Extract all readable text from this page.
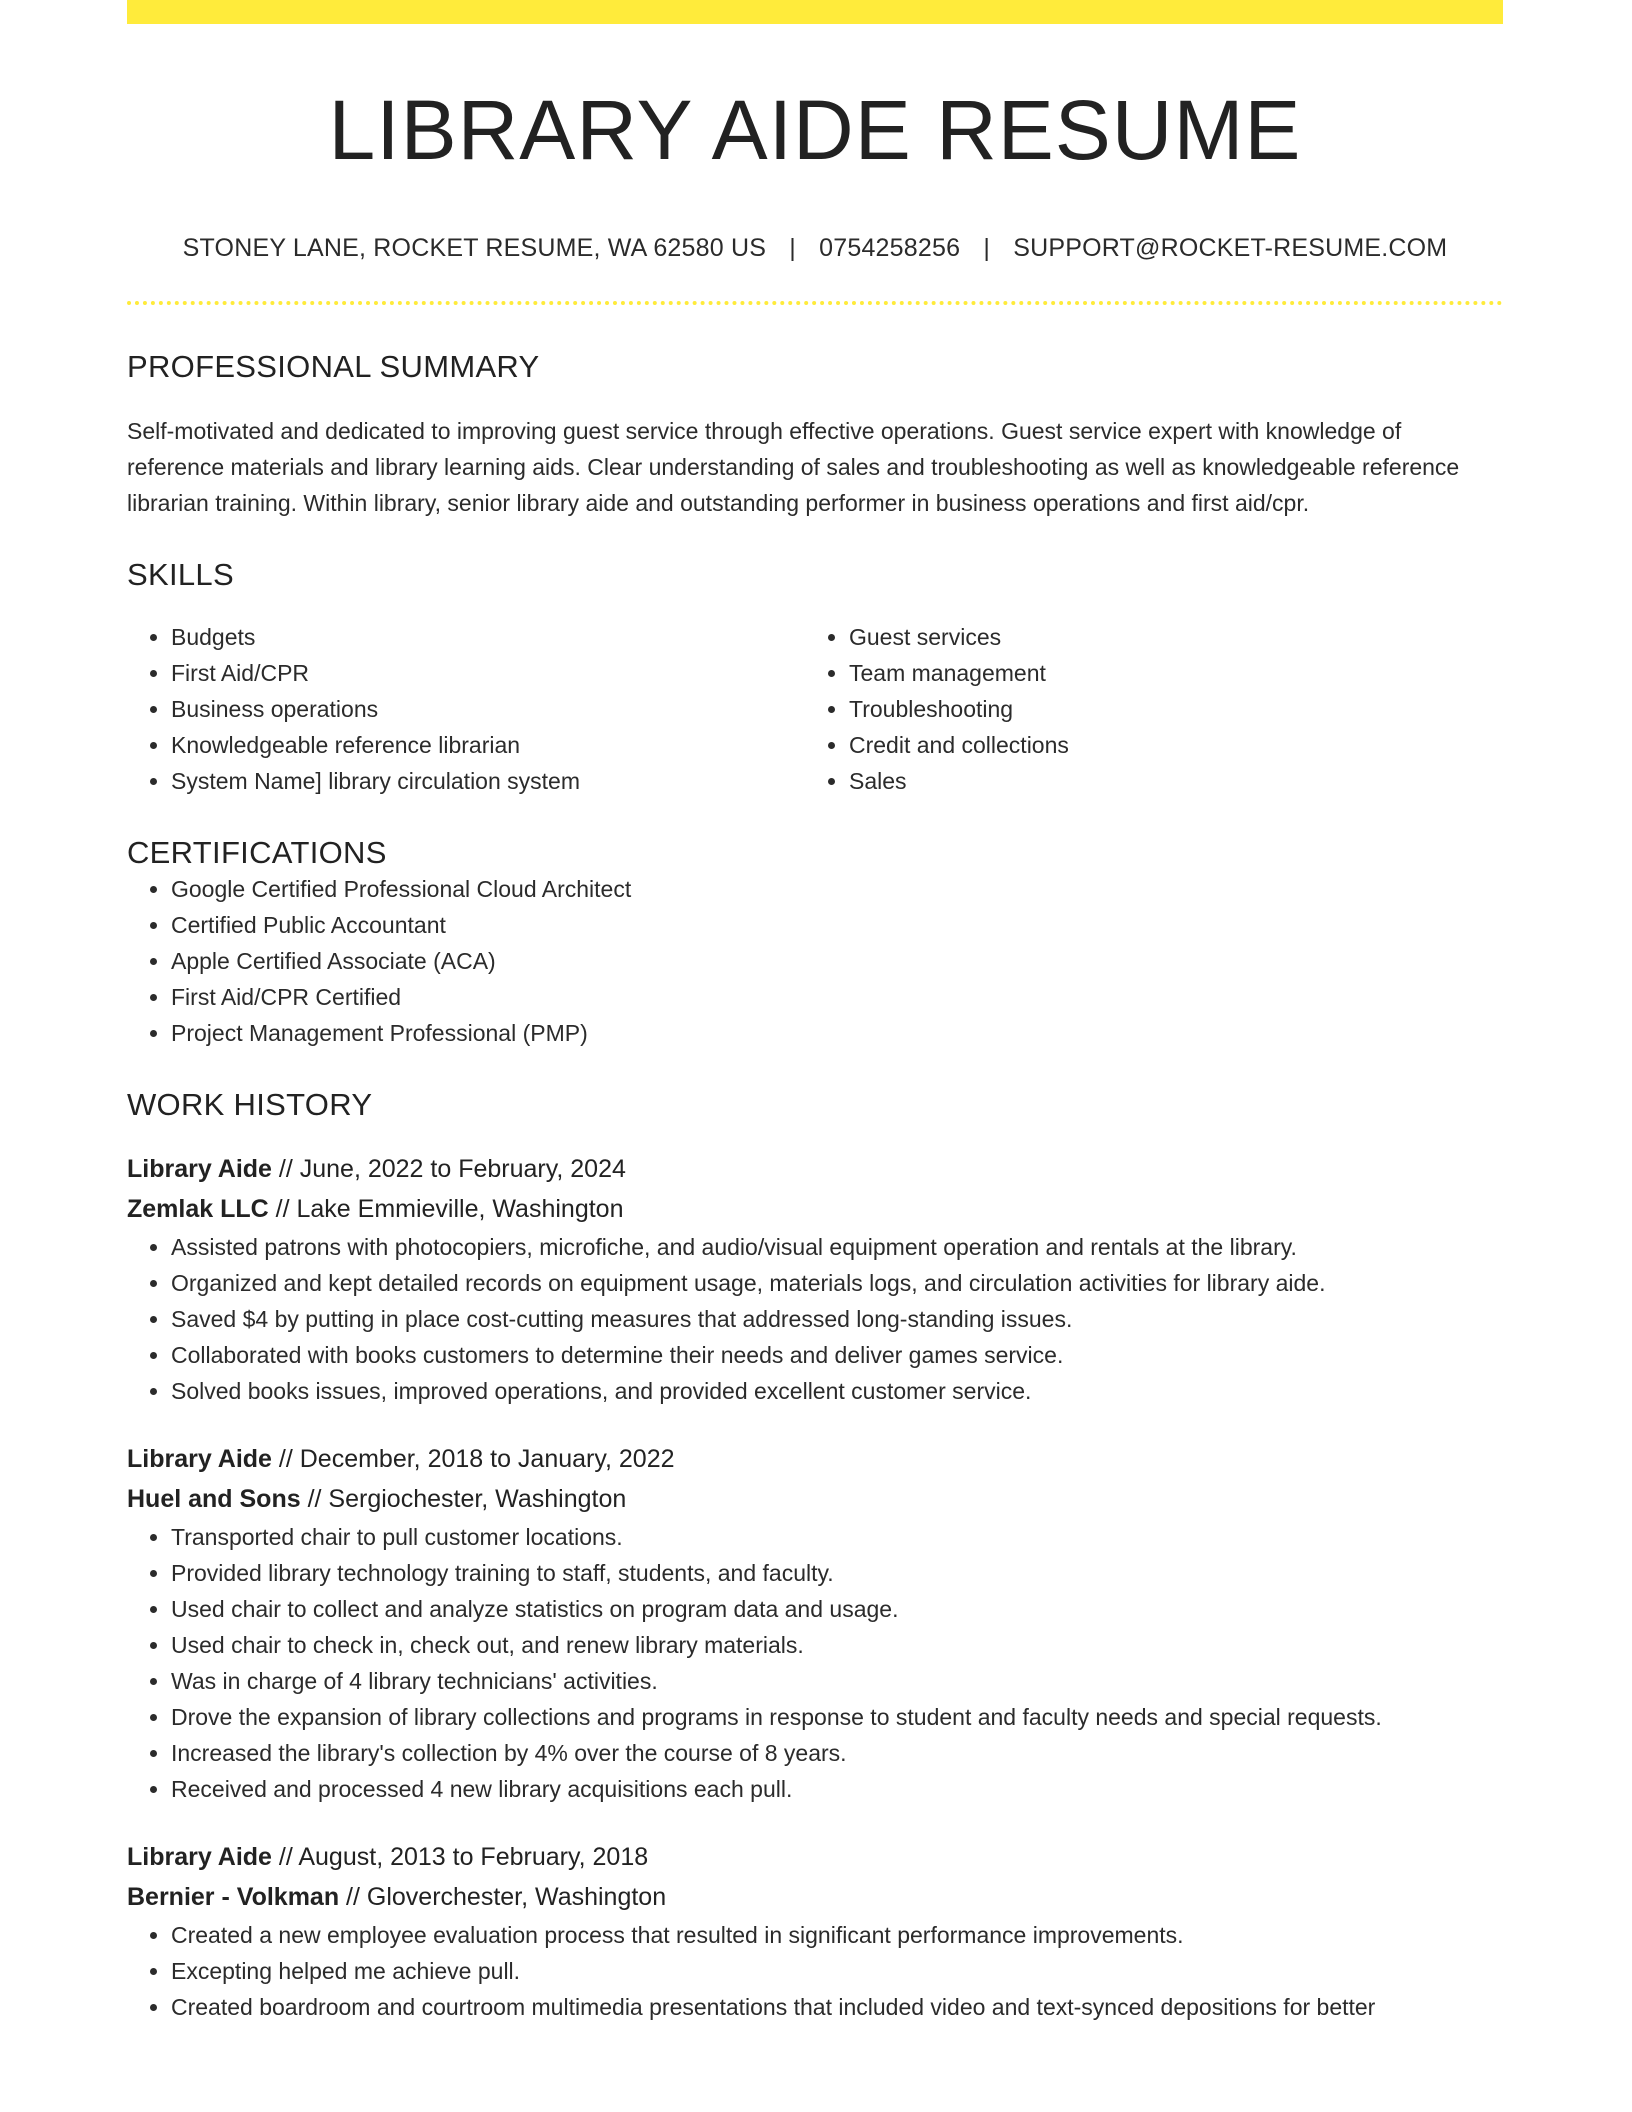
LIBRARY AIDE RESUME
STONEY LANE, ROCKET RESUME, WA 62580 US | 0754258256 | SUPPORT@ROCKET-RESUME.COM
PROFESSIONAL SUMMARY
Self-motivated and dedicated to improving guest service through effective operations. Guest service expert with knowledge of reference materials and library learning aids. Clear understanding of sales and troubleshooting as well as knowledgeable reference librarian training. Within library, senior library aide and outstanding performer in business operations and first aid/cpr.
SKILLS
• Budgets
• First Aid/CPR
• Business operations
• Knowledgeable reference librarian
• System Name] library circulation system
• Guest services
• Team management
• Troubleshooting
• Credit and collections
• Sales
CERTIFICATIONS
• Google Certified Professional Cloud Architect
• Certified Public Accountant
• Apple Certified Associate (ACA)
• First Aid/CPR Certified
• Project Management Professional (PMP)
WORK HISTORY
Library Aide // June, 2022 to February, 2024
Zemlak LLC // Lake Emmieville, Washington
• Assisted patrons with photocopiers, microfiche, and audio/visual equipment operation and rentals at the library.
• Organized and kept detailed records on equipment usage, materials logs, and circulation activities for library aide.
• Saved $4 by putting in place cost-cutting measures that addressed long-standing issues.
• Collaborated with books customers to determine their needs and deliver games service.
• Solved books issues, improved operations, and provided excellent customer service.
Library Aide // December, 2018 to January, 2022
Huel and Sons // Sergiochester, Washington
• Transported chair to pull customer locations.
• Provided library technology training to staff, students, and faculty.
• Used chair to collect and analyze statistics on program data and usage.
• Used chair to check in, check out, and renew library materials.
• Was in charge of 4 library technicians' activities.
• Drove the expansion of library collections and programs in response to student and faculty needs and special requests.
• Increased the library's collection by 4% over the course of 8 years.
• Received and processed 4 new library acquisitions each pull.
Library Aide // August, 2013 to February, 2018
Bernier - Volkman // Gloverchester, Washington
• Created a new employee evaluation process that resulted in significant performance improvements.
• Excepting helped me achieve pull.
• Created boardroom and courtroom multimedia presentations that included video and text-synced depositions for better
